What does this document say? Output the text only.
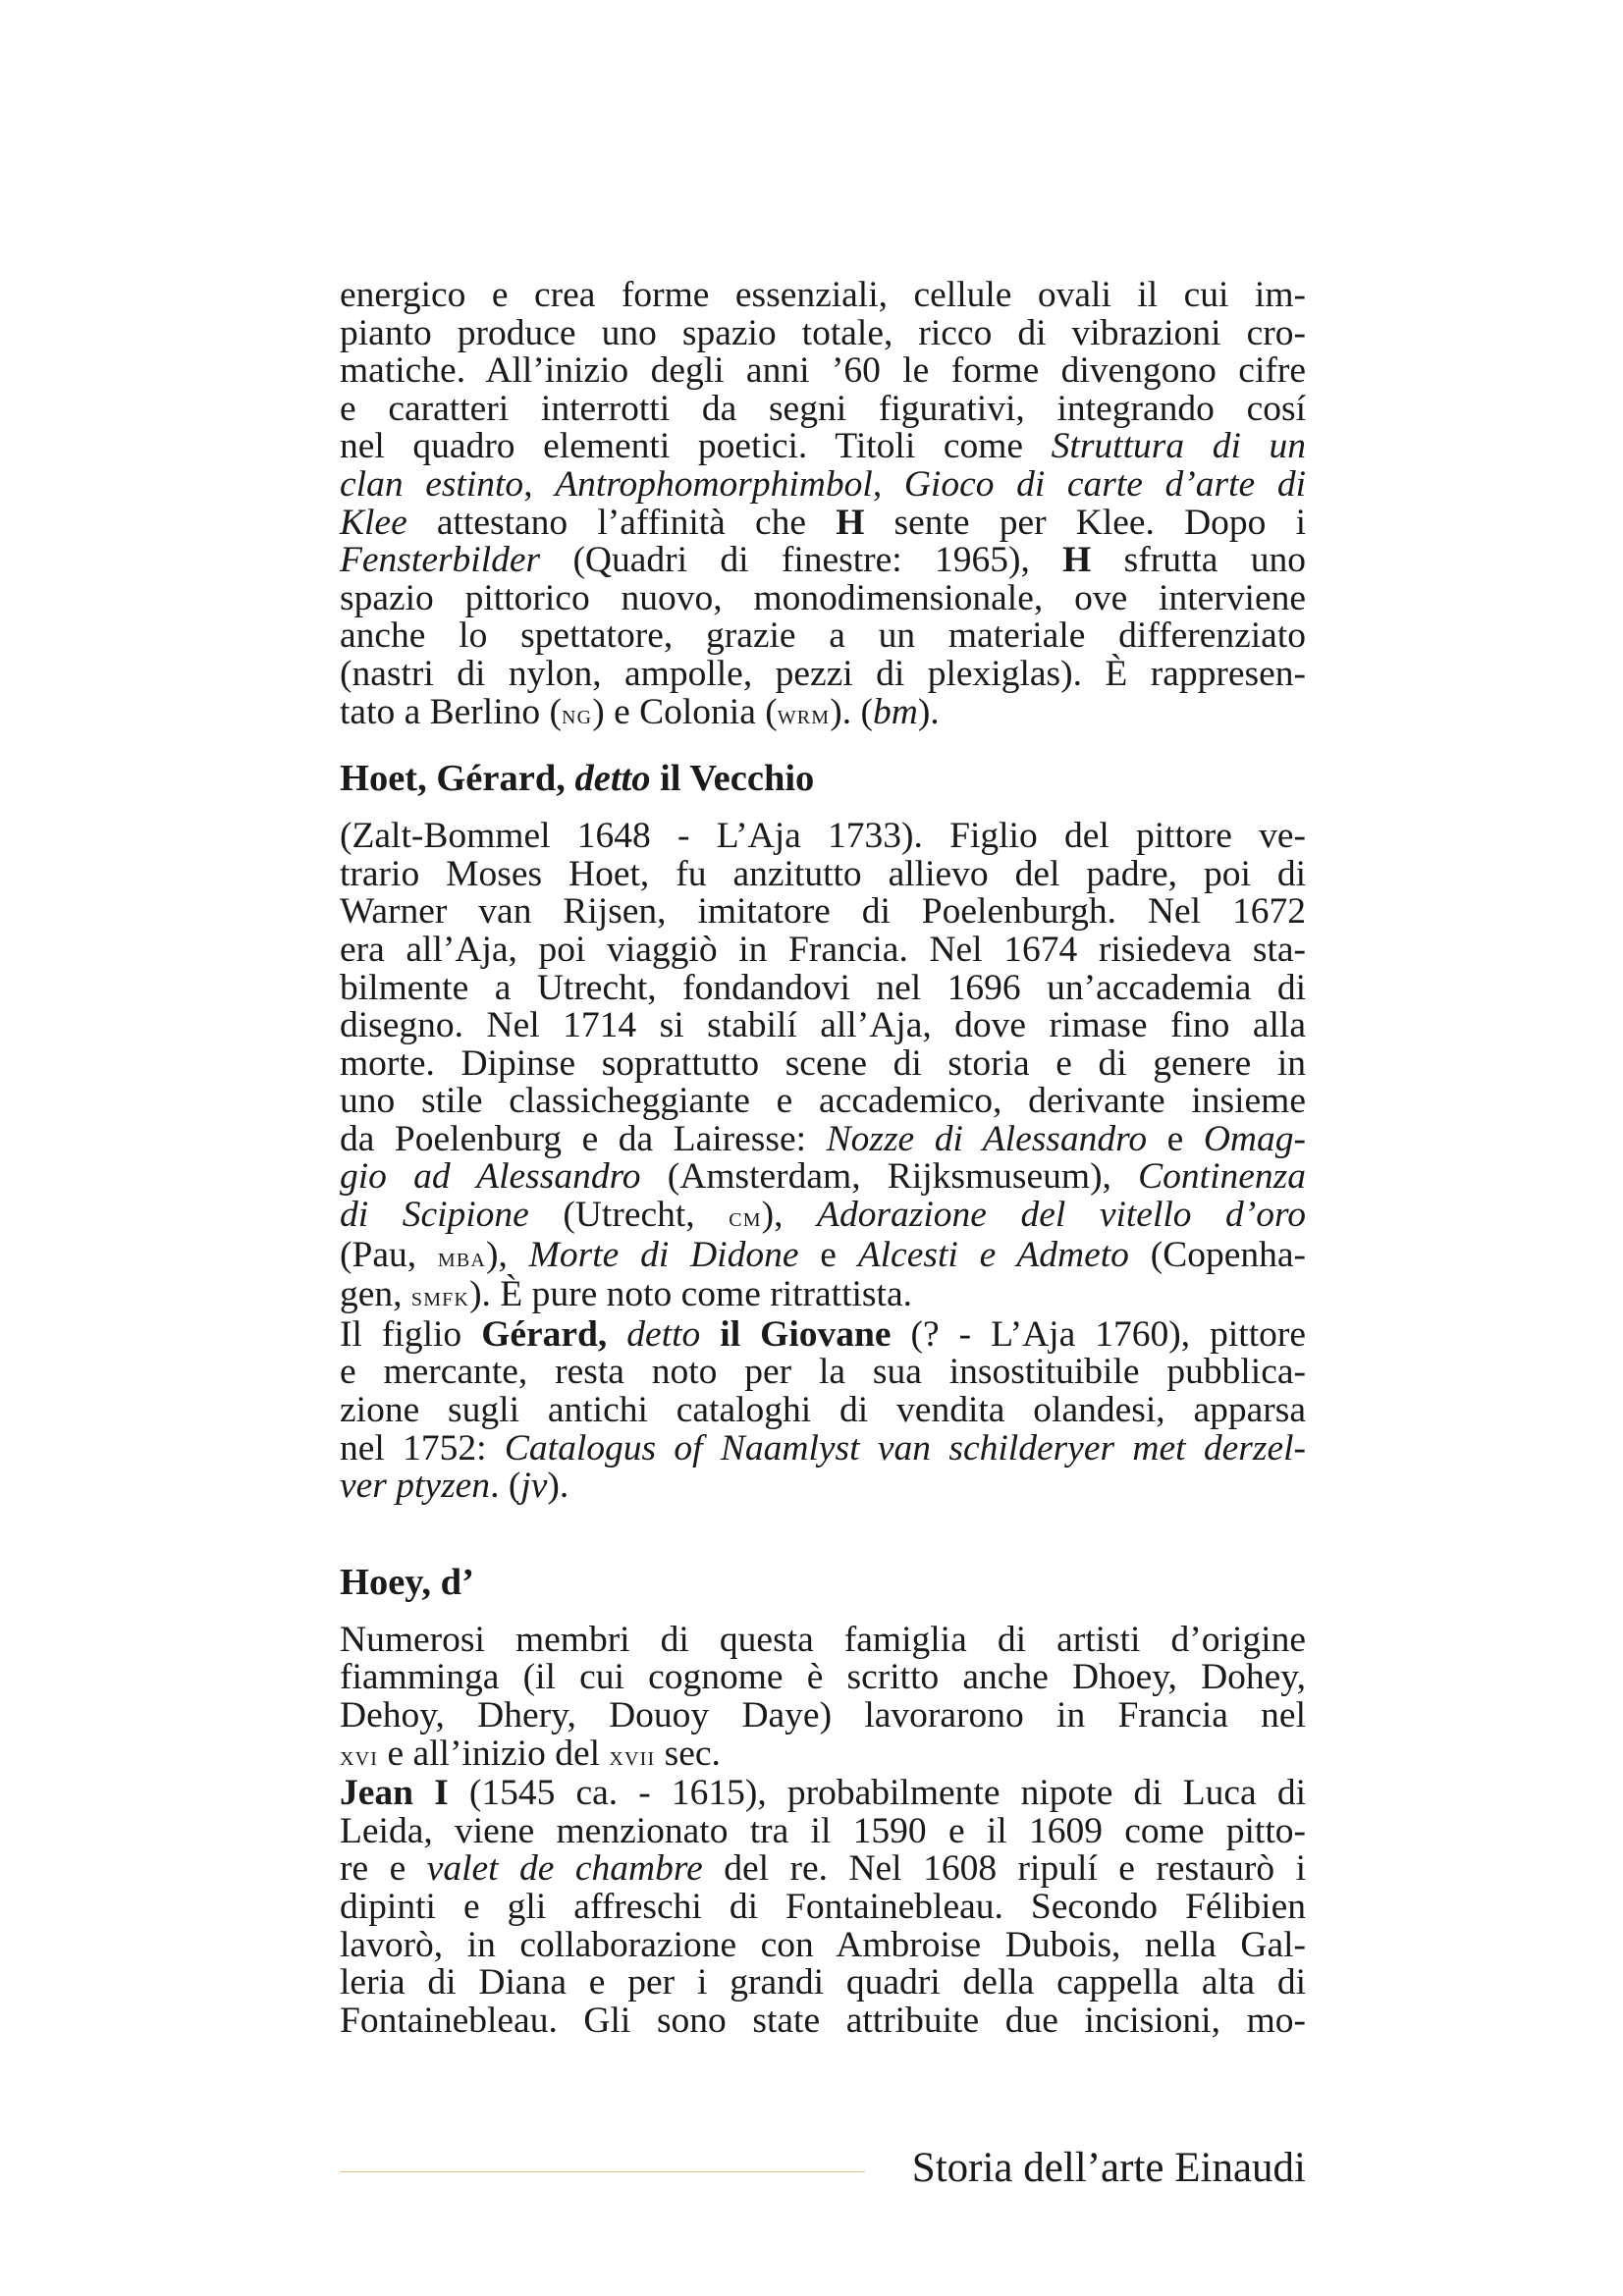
energico e crea forme essenziali, cellule ovali il cui im-
pianto produce uno spazio totale, ricco di vibrazioni cro-
matiche. All’inizio degli anni ’60 le forme divengono cifre
e caratteri interrotti da segni figurativi, integrando cosí
nel quadro elementi poetici. Titoli come Struttura di un
clan estinto, Antrophomorphimbol, Gioco di carte d’arte di
Klee attestano l’affinità che H sente per Klee. Dopo i
Fensterbilder (Quadri di finestre: 1965), H sfrutta uno
spazio pittorico nuovo, monodimensionale, ove interviene
anche lo spettatore, grazie a un materiale differenziato
(nastri di nylon, ampolle, pezzi di plexiglas). È rappresen-
tato a Berlino (ng) e Colonia (wrm). (bm).
Hoet, Gérard, detto il Vecchio
(Zalt-Bommel 1648 - L’Aja 1733). Figlio del pittore ve-
trario Moses Hoet, fu anzitutto allievo del padre, poi di
Warner van Rijsen, imitatore di Poelenburgh. Nel 1672
era all’Aja, poi viaggiò in Francia. Nel 1674 risiedeva sta-
bilmente a Utrecht, fondandovi nel 1696 un’accademia di
disegno. Nel 1714 si stabilí all’Aja, dove rimase fino alla
morte. Dipinse soprattutto scene di storia e di genere in
uno stile classicheggiante e accademico, derivante insieme
da Poelenburg e da Lairesse: Nozze di Alessandro e Omag-
gio ad Alessandro (Amsterdam, Rijksmuseum), Continenza
di Scipione (Utrecht, cm), Adorazione del vitello d’oro
(Pau, mba), Morte di Didone e Alcesti e Admeto (Copenha-
gen, smfk). È pure noto come ritrattista.
Il figlio Gérard, detto il Giovane (? - L’Aja 1760), pittore
e mercante, resta noto per la sua insostituibile pubblica-
zione sugli antichi cataloghi di vendita olandesi, apparsa
nel 1752: Catalogus of Naamlyst van schilderyer met derzel-
ver ptyzen. (jv).
Hoey, d’
Numerosi membri di questa famiglia di artisti d’origine
fiamminga (il cui cognome è scritto anche Dhoey, Dohey,
Dehoy, Dhery, Douoy Daye) lavorarono in Francia nel
xvi e all’inizio del xvii sec.
Jean I (1545 ca. - 1615), probabilmente nipote di Luca di
Leida, viene menzionato tra il 1590 e il 1609 come pitto-
re e valet de chambre del re. Nel 1608 ripulí e restaurò i
dipinti e gli affreschi di Fontainebleau. Secondo Félibien
lavorò, in collaborazione con Ambroise Dubois, nella Gal-
leria di Diana e per i grandi quadri della cappella alta di
Fontainebleau. Gli sono state attribuite due incisioni, mo-
Storia dell’arte Einaudi
